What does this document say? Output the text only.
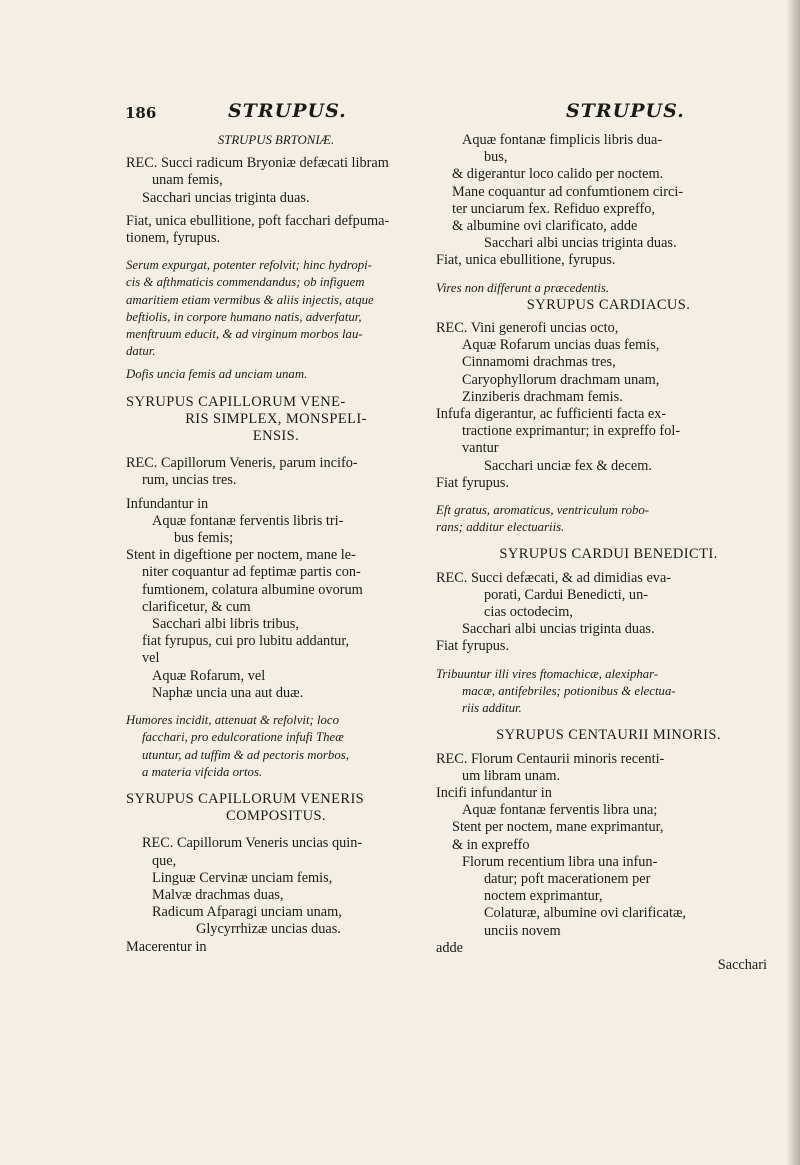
186	STRUPUS.	STRUPUS.
STRUPUS BRTONIÆ.
REC. Succi radicum Bryoniæ defæcati libram
unam femis,
Sacchari uncias triginta duas.
Fiat, unica ebullitione, poft facchari defpuma-
tionem, fyrupus.
Serum expurgat, potenter refolvit; hinc hydropi-
cis & afthmaticis commendandus; ob infiguem
amaritiem etiam vermibus & aliis injectis, atque
beftiolis, in corpore humano natis, adverfatur,
menftruum educit, & ad virginum morbos lau-
datur.
Dofis uncia femis ad unciam unam.
SYRUPUS CAPILLORUM VENE-
RIS SIMPLEX, MONSPELI-
ENSIS.
REC. Capillorum Veneris, parum incifo-
rum, uncias tres.
Infundantur in
Aquæ fontanæ ferventis libris tri-
bus femis;
Stent in digeftione per noctem, mane le-
niter coquantur ad feptimæ partis con-
fumtionem, colatura albumine ovorum
clarificetur, & cum
Sacchari albi libris tribus,
fiat fyrupus, cui pro lubitu addantur,
vel
Aquæ Rofarum, vel
Naphæ uncia una aut duæ.
Humores incidit, attenuat & refolvit; loco
facchari, pro edulcoratione infufi Theæ
utuntur, ad tuffim & ad pectoris morbos,
a materia vifcida ortos.
SYRUPUS CAPILLORUM VENERIS
COMPOSITUS.
REC. Capillorum Veneris uncias quin-
que,
Linguæ Cervinæ unciam femis,
Malvæ drachmas duas,
Radicum Afparagi unciam unam,
Glycyrrhizæ uncias duas.
Macerentur in
Aquæ fontanæ fimplicis libris dua-
bus,
& digerantur loco calido per noctem.
Mane coquantur ad confumtionem circi-
ter unciarum fex. Refiduo expreffo,
& albumine ovi clarificato, adde
Sacchari albi uncias triginta duas.
Fiat, unica ebullitione, fyrupus.
Vires non differunt a præcedentis.
SYRUPUS CARDIACUS.
REC. Vini generofi uncias octo,
Aquæ Rofarum uncias duas femis,
Cinnamomi drachmas tres,
Caryophyllorum drachmam unam,
Zinziberis drachmam femis.
Infufa digerantur, ac fufficienti facta ex-
tractione exprimantur; in expreffo fol-
vantur
Sacchari unciæ fex & decem.
Fiat fyrupus.
Eft gratus, aromaticus, ventriculum robo-
rans; additur electuariis.
SYRUPUS CARDUI BENEDICTI.
REC. Succi defæcati, & ad dimidias eva-
porati, Cardui Benedicti, un-
cias octodecim,
Sacchari albi uncias triginta duas.
Fiat fyrupus.
Tribuuntur illi vires ftomachicæ, alexiphar-
macæ, antifebriles; potionibus & electua-
riis additur.
SYRUPUS CENTAURII MINORIS.
REC. Florum Centaurii minoris recenti-
um libram unam.
Incifi infundantur in
Aquæ fontanæ ferventis libra una;
Stent per noctem, mane exprimantur,
& in expreffo
Florum recentium libra una infun-
datur; poft macerationem per
noctem exprimantur,
Colaturæ, albumine ovi clarificatæ,
unciis novem
adde
Sacchari
